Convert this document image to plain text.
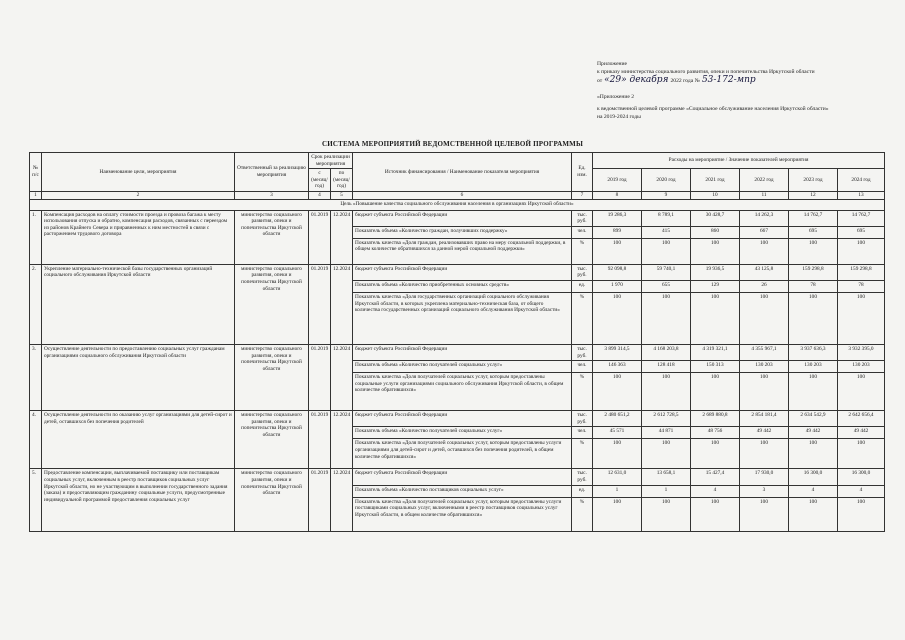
Приложение
к приказу министерства социального развития, опеки и попечительства Иркутской области
от «29» декабря 2022 года № 53-172-мпр
«Приложение 2
к ведомственной целевой программе «Социальное обслуживание населения Иркутской области»
на 2019-2024 годы
СИСТЕМА МЕРОПРИЯТИЙ ВЕДОМСТВЕННОЙ ЦЕЛЕВОЙ ПРОГРАММЫ
№ п/с	Наименование цели, мероприятия	Ответственный за реализацию мероприятия	Срок реализации мероприятия		Источник финансирования / Наименование показателя мероприятия	Ед. изм.	Расходы на мероприятие / Значение показателей мероприятия					
			с (месяц/ год)	по (месяц/ год)			2019 год	2020 год	2021 год	2022 год	2023 год	2024 год

1	2	3	4	5	6	7	8	9	10	11	12	13
Цель «Повышение качества социального обслуживания населения в организациях Иркутской области»												
1.	Компенсация расходов на оплату стоимости проезда и провоза багажа к месту использования отпуска и обратно, компенсация расходов, связанных с переездом из районов Крайнего Севера и приравненных к ним местностей в связи с расторжением трудового договора	министерство социального развития, опеки и попечительства Иркутской области	01.2019	12.2024	бюджет субъекта Российской Федерации	тыс. руб.	19 286,3	8 789,1	30 428,7	14 262,3	14 762,7	14 762,7
					Показатель объема «Количество граждан, получивших поддержку»	чел.	899	415	860	667	695	695
					Показатель качества «Доля граждан, реализовавших право на меру социальной поддержки, в общем количестве обратившихся за данной мерой социальной поддержки»	%	100	100	100	100	100	100
2.	Укрепление материально-технической базы государственных организаций социального обслуживания Иркутской области	министерство социального развития, опеки и попечительства Иркутской области	01.2019	12.2024	бюджет субъекта Российской Федерации	тыс. руб.	92 098,8	59 740,1	19 936,5	43 125,8	159 298,8	159 298,8
					Показатель объема «Количество приобретенных основных средств»	ед.	1 970	655	129	26	78	78
					Показатель качества «Доля государственных организаций социального обслуживания Иркутской области, в которых укреплена материально-техническая база, от общего количества государственных организаций социального обслуживания Иркутской области»	%	100	100	100	100	100	100
3.	Осуществление деятельности по предоставлению социальных услуг гражданам организациями социального обслуживания Иркутской области	министерство социального развития, опеки и попечительства Иркутской области	01.2019	12.2024	бюджет субъекта Российской Федерации	тыс. руб.	3 899 314,5	4 168 203,8	4 319 321,1	4 355 967,1	3 937 636,3	3 932 395,0
					Показатель объема «Количество получателей социальных услуг»	чел.	146 363	128 418	150 313	130 203	130 203	130 203
					Показатель качества «Доля получателей социальных услуг, которым предоставлены социальные услуги организациями социального обслуживания Иркутской области, в общем количестве обратившихся»	%	100	100	100	100	100	100
4.	Осуществление деятельности по оказанию услуг организациями для детей-сирот и детей, оставшихся без попечения родителей	министерство социального развития, опеки и попечительства Иркутской области	01.2019	12.2024	бюджет субъекта Российской Федерации	тыс. руб.	2 480 651,2	2 612 728,5	2 689 880,8	2 854 181,4	2 634 542,9	2 642 656,4
					Показатель объема «Количество получателей социальных услуг»	чел.	45 571	44 871	48 756	49 442	49 442	49 442
					Показатель качества «Доля получателей социальных услуг, которым предоставлены услуги организациями для детей-сирот и детей, оставшихся без попечения родителей, в общем количестве обратившихся»	%	100	100	100	100	100	100
5.	Предоставление компенсации, выплачиваемой поставщику или поставщикам социальных услуг, включенным в реестр поставщиков социальных услуг Иркутской области, но не участвующим в выполнении государственного задания (заказа) и предоставляющим гражданину социальные услуги, предусмотренные индивидуальной программой предоставления социальных услуг	министерство социального развития, опеки и попечительства Иркутской области	01.2019	12.2024	бюджет субъекта Российской Федерации	тыс. руб.	12 631,0	13 658,1	15 427,4	17 930,0	16 300,0	16 300,0
					Показатель объема «Количество поставщиков социальных услуг»	ед.	1	1	4	3	4	4
					Показатель качества «Доля получателей социальных услуг, которым предоставлены услуги поставщиками социальных услуг, включенными в реестр поставщиков социальных услуг Иркутской области, в общем количестве обратившихся»	%	100	100	100	100	100	100
